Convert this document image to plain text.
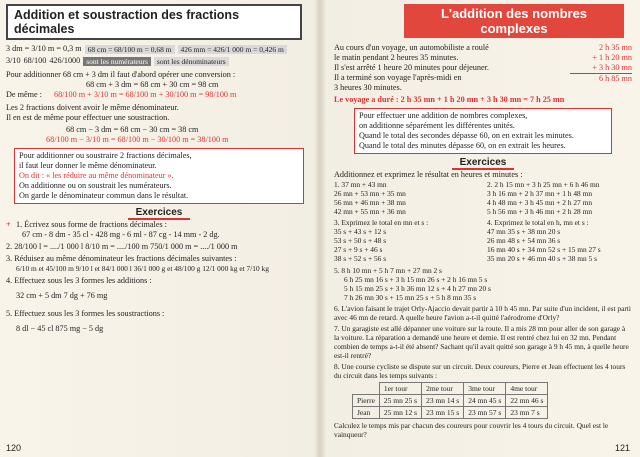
Addition et soustraction des fractions décimales
3 dm = 3/10 m = 0,3 m 68 cm = 68/100 m = 0,68 m	426 mm = 426/1 000 m = 0,426 m
3/10 68/100 426/1000 sont les numérateurs	sont les dénominateurs
Pour additionner 68 cm + 3 dm il faut d'abord opérer une conversion :
68 cm + 3 dm = 68 cm + 30 cm = 98 cm
De même : 68/100 m + 3/10 m = 68/100 m + 30/100 m = 98/100 m
Les 2 fractions doivent avoir le même dénominateur.
Il en est de même pour effectuer une soustraction.
68 cm − 3 dm = 68 cm − 30 cm = 38 cm
68/100 m − 3/10 m = 68/100 m − 30/100 m = 38/100 m
Pour additionner ou soustraire 2 fractions décimales,
il faut leur donner le même dénominateur.
On dit : « les réduire au même dénominateur ».
On additionne ou on soustrait les numérateurs.
On garde le dénominateur commun dans le résultat.
Exercices
+ 1. Écrivez sous forme de fractions décimales :
67 cm - 8 dm - 35 cl - 428 mg - 6 ml - 87 cg - 14 mm - 2 dg.
2. 28/100 l = ..../1 000 l 8/10 m = ..../100 m 750/1 000 m = ..../1 000 m
3. Réduisez au même dénominateur les fractions décimales suivantes :
6/10 m et 45/100 m 9/10 l et 84/1 000 l 36/1 000 g et 48/100 g 12/1 000 kg et 7/10 kg
4. Effectuez sous les 3 formes les additions :
32 cm + 5 dm 7 dg + 76 mg
5. Effectuez sous les 3 formes les soustractions :
8 dl − 45 cl 875 mg − 5 dg
120
L'addition des nombres complexes
Au cours d'un voyage, un automobiliste a roulé
le matin pendant 2 heures 35 minutes.
Il s'est arrêté 1 heure 20 minutes pour déjeuner.
Il a terminé son voyage l'après-midi en
3 heures 30 minutes.
2 h 35 mn
+ 1 h 20 mn
+ 3 h 30 mn
6 h 85 mn
Le voyage a duré : 2 h 35 mn + 1 h 20 mn + 3 h 30 mn = 7 h 25 mn
Pour effectuer une addition de nombres complexes,
on additionne séparément les différentes unités.
Quand le total des secondes dépasse 60, on en extrait les minutes.
Quand le total des minutes dépasse 60, on en extrait les heures.
Exercices
Additionnez et exprimez le résultat en heures et minutes :
1. 37 mn + 43 mn
26 mn + 53 mn + 35 mn
56 mn + 46 mn + 38 mn
42 mn + 55 mn + 36 mn
2. 2 h 15 mn + 3 h 25 mn + 6 h 46 mn
3 h 16 mn + 2 h 37 mn + 1 h 48 mn
4 h 48 mn + 3 h 45 mn + 2 h 27 mn
5 h 56 mn + 3 h 46 mn + 2 h 28 mn
3. Exprimez le total en mn et s :
35 s + 43 s + 12 s
53 s + 50 s + 48 s
27 s + 9 s + 46 s
38 s + 52 s + 56 s
4. Exprimez le total en h, mn et s :
47 mn 35 s + 38 mn 20 s
26 mn 48 s + 54 mn 36 s
16 mn 40 s + 34 mn 52 s + 15 mn 27 s
35 mn 20 s + 46 mn 40 s + 38 mn 5 s
5. 8 h 10 mn + 5 h 7 mn + 27 mn 2 s
6 h 25 mn 16 s + 3 h 15 mn 26 s + 2 h 16 mn 5 s
5 h 15 mn 25 s + 3 h 36 mn 12 s + 4 h 27 mn 20 s
7 h 26 mn 30 s + 15 mn 25 s + 5 h 8 mn 35 s
6. L'avion faisant le trajet Orly-Ajaccio devait partir à 10 h 45 mn. Par suite d'un incident, il est parti avec 46 mn de retard. A quelle heure l'avion a-t-il quitté l'aérodrome d'Orly?
7. Un garagiste est allé dépanner une voiture sur la route. Il a mis 28 mn pour aller de son garage à la voiture. La réparation a demandé une heure et demie. Il est rentré chez lui en 32 mn. Pendant combien de temps a-t-il été absent? Sachant qu'il avait quitté son garage à 9 h 45 mn, à quelle heure est-il rentré?
8. Une course cycliste se dispute sur un circuit. Deux coureurs, Pierre et Jean effectuent les 4 tours du circuit dans les temps suivants :
	1er tour	2me tour	3me tour	4me tour
Pierre	25 mn 25 s	23 mn 14 s	24 mn 45 s	22 mn 46 s
Jean	25 mn 12 s	23 mn 15 s	23 mn 57 s	23 mn 7 s
Calculez le temps mis par chacun des coureurs pour couvrir les 4 tours du circuit. Quel est le vainqueur?
121
